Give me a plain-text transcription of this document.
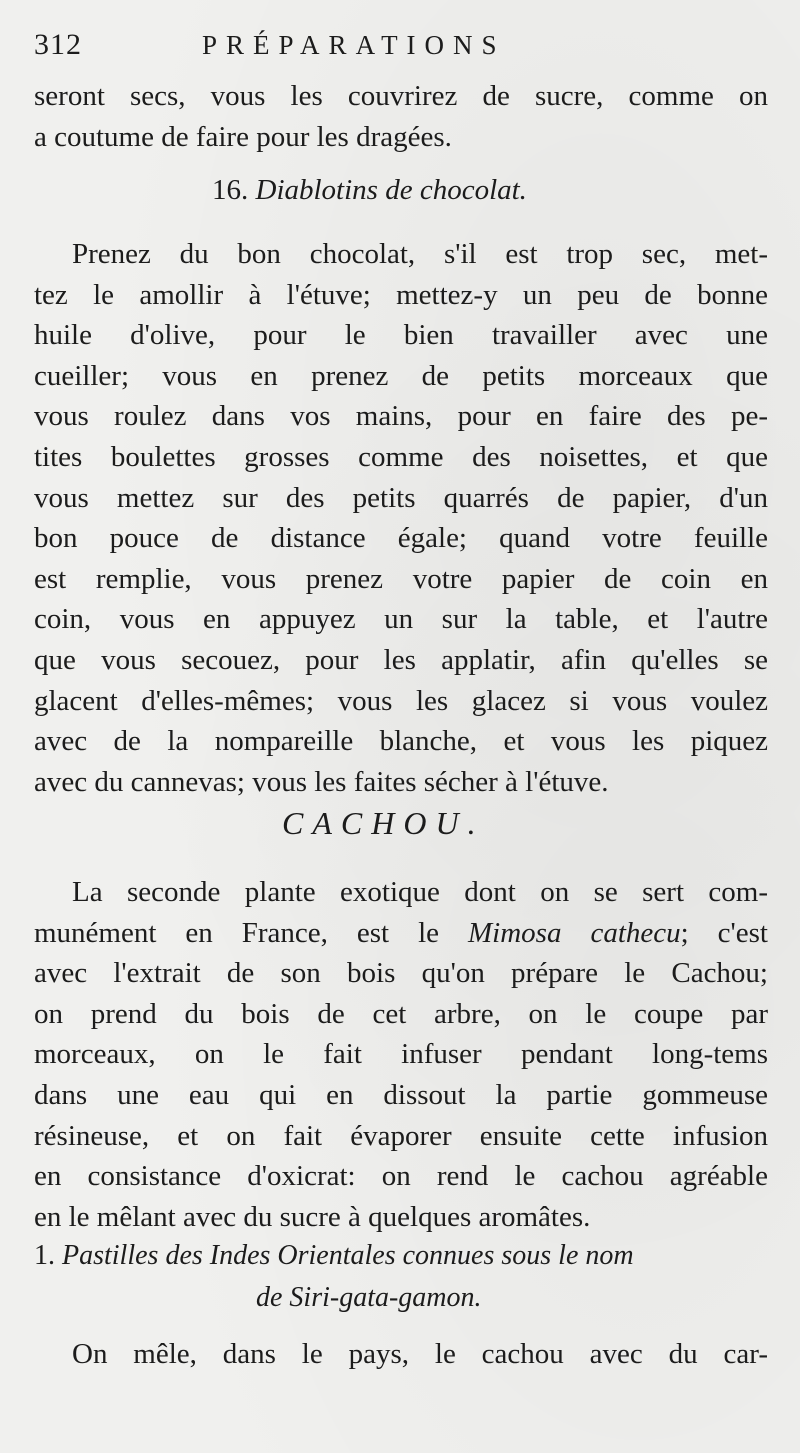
312	PRÉPARATIONS
seront secs, vous les couvrirez de sucre, comme on
a coutume de faire pour les dragées.
16. Diablotins de chocolat.
Prenez du bon chocolat, s'il est trop sec, met-
tez le amollir à l'étuve; mettez-y un peu de bonne
huile d'olive, pour le bien travailler avec une
cueiller; vous en prenez de petits morceaux que
vous roulez dans vos mains, pour en faire des pe-
tites boulettes grosses comme des noisettes, et que
vous mettez sur des petits quarrés de papier, d'un
bon pouce de distance égale; quand votre feuille
est remplie, vous prenez votre papier de coin en
coin, vous en appuyez un sur la table, et l'autre
que vous secouez, pour les applatir, afin qu'elles se
glacent d'elles-mêmes; vous les glacez si vous voulez
avec de la nompareille blanche, et vous les piquez
avec du cannevas; vous les faites sécher à l'étuve.
CACHOU.
La seconde plante exotique dont on se sert com-
munément en France, est le Mimosa cathecu; c'est
avec l'extrait de son bois qu'on prépare le Cachou;
on prend du bois de cet arbre, on le coupe par
morceaux, on le fait infuser pendant long-tems
dans une eau qui en dissout la partie gommeuse
résineuse, et on fait évaporer ensuite cette infusion
en consistance d'oxicrat: on rend le cachou agréable
en le mêlant avec du sucre à quelques aromâtes.
1. Pastilles des Indes Orientales connues sous le nom
de Siri-gata-gamon.
On mêle, dans le pays, le cachou avec du car-
